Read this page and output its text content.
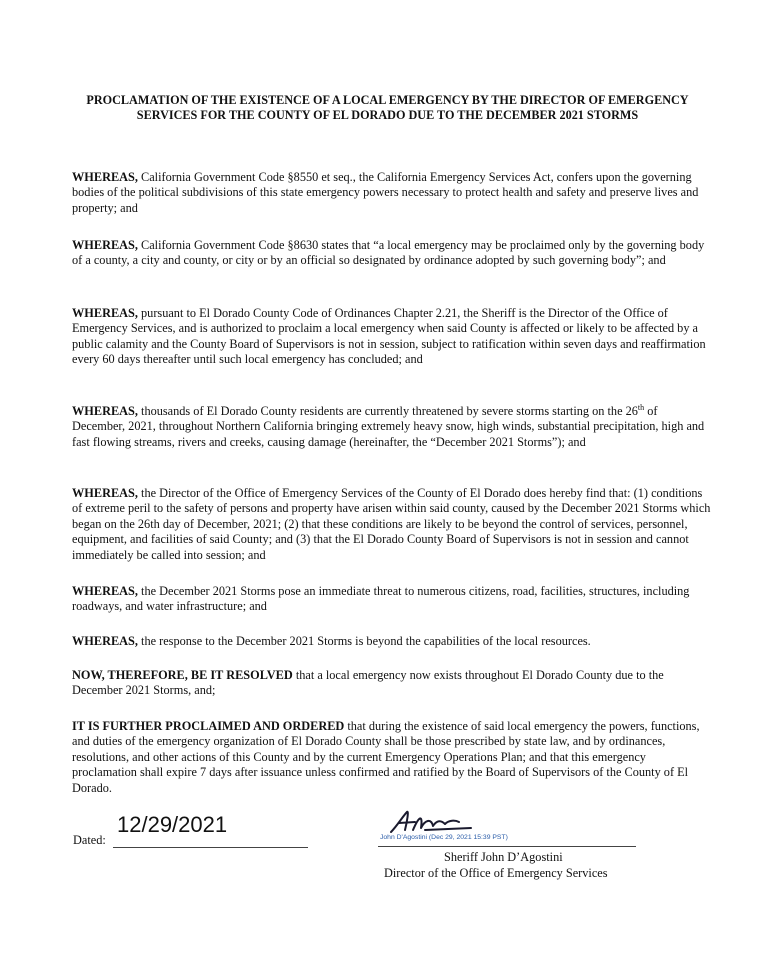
PROCLAMATION OF THE EXISTENCE OF A LOCAL EMERGENCY BY THE DIRECTOR OF EMERGENCY SERVICES FOR THE COUNTY OF EL DORADO DUE TO THE DECEMBER 2021 STORMS

WHEREAS, California Government Code §8550 et seq., the California Emergency Services Act, confers upon the governing bodies of the political subdivisions of this state emergency powers necessary to protect health and safety and preserve lives and property; and

WHEREAS, California Government Code §8630 states that “a local emergency may be proclaimed only by the governing body of a county, a city and county, or city or by an official so designated by ordinance adopted by such governing body”; and

WHEREAS, pursuant to El Dorado County Code of Ordinances Chapter 2.21, the Sheriff is the Director of the Office of Emergency Services, and is authorized to proclaim a local emergency when said County is affected or likely to be affected by a public calamity and the County Board of Supervisors is not in session, subject to ratification within seven days and reaffirmation every 60 days thereafter until such local emergency has concluded; and

WHEREAS, thousands of El Dorado County residents are currently threatened by severe storms starting on the 26th of December, 2021, throughout Northern California bringing extremely heavy snow, high winds, substantial precipitation, high and fast flowing streams, rivers and creeks, causing damage (hereinafter, the “December 2021 Storms”); and

WHEREAS, the Director of the Office of Emergency Services of the County of El Dorado does hereby find that: (1) conditions of extreme peril to the safety of persons and property have arisen within said county, caused by the December 2021 Storms which began on the 26th day of December, 2021; (2) that these conditions are likely to be beyond the control of services, personnel, equipment, and facilities of said County; and (3) that the El Dorado County Board of Supervisors is not in session and cannot immediately be called into session; and

WHEREAS, the December 2021 Storms pose an immediate threat to numerous citizens, road, facilities, structures, including roadways, and water infrastructure; and

WHEREAS, the response to the December 2021 Storms is beyond the capabilities of the local resources.

NOW, THEREFORE, BE IT RESOLVED that a local emergency now exists throughout El Dorado County due to the December 2021 Storms, and;

IT IS FURTHER PROCLAIMED AND ORDERED that during the existence of said local emergency the powers, functions, and duties of the emergency organization of El Dorado County shall be those prescribed by state law, and by ordinances, resolutions, and other actions of this County and by the current Emergency Operations Plan; and that this emergency proclamation shall expire 7 days after issuance unless confirmed and ratified by the Board of Supervisors of the County of El Dorado.

Dated:
12/29/2021
John D'Agostini (Dec 29, 2021 15:39 PST)
Sheriff John D’Agostini
Director of the Office of Emergency Services
